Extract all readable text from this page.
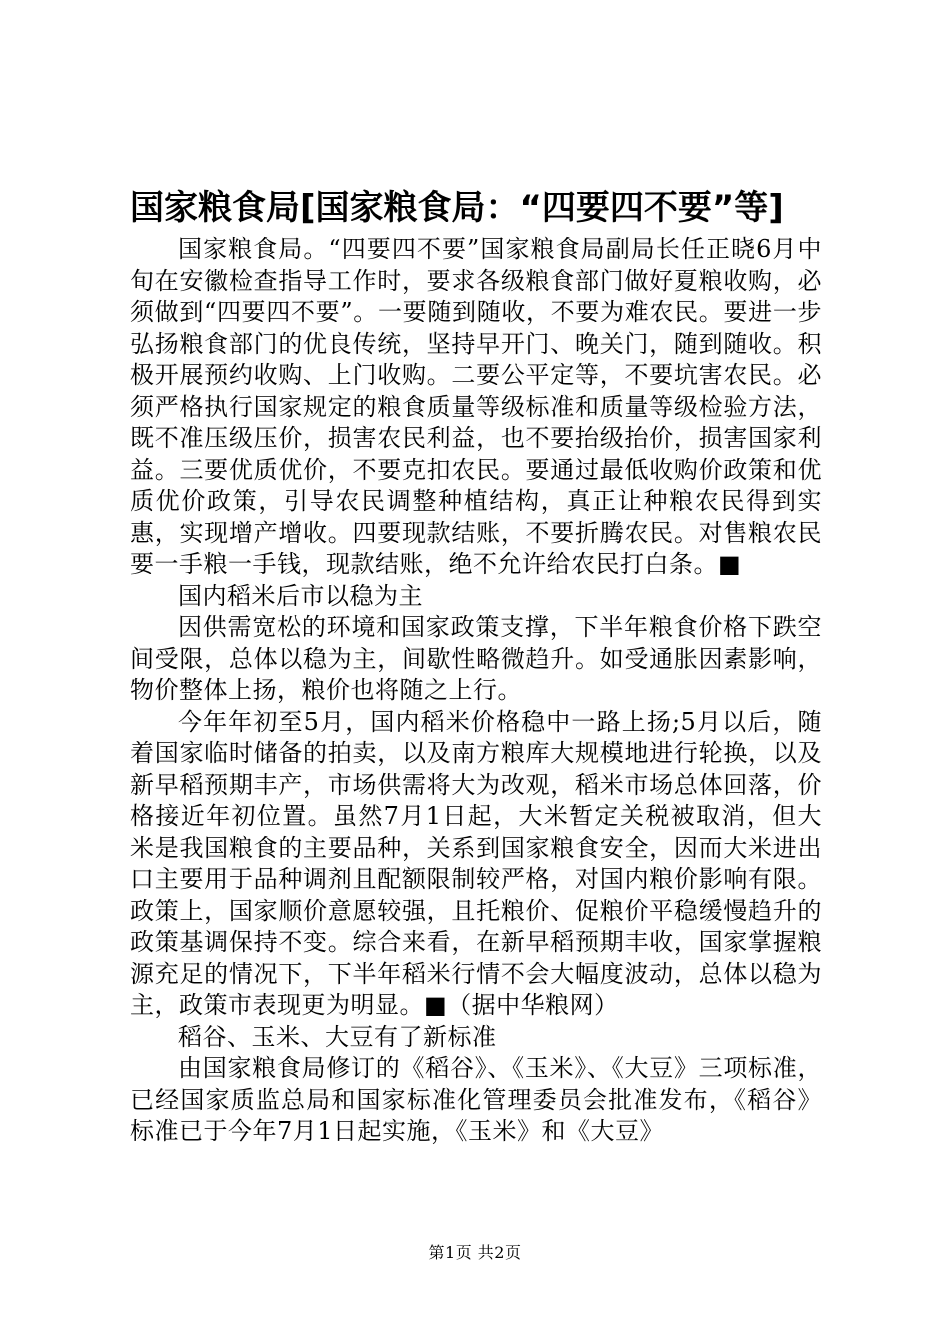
国家粮食局[国家粮食局：“四要四不要”等]

国家粮食局。“四要四不要”国家粮食局副局长任正晓6月中旬在安徽检查指导工作时，要求各级粮食部门做好夏粮收购，必须做到“四要四不要”。一要随到随收，不要为难农民。要进一步弘扬粮食部门的优良传统，坚持早开门、晚关门，随到随收。积极开展预约收购、上门收购。二要公平定等，不要坑害农民。必须严格执行国家规定的粮食质量等级标准和质量等级检验方法，既不准压级压价，损害农民利益，也不要抬级抬价，损害国家利益。三要优质优价，不要克扣农民。要通过最低收购价政策和优质优价政策，引导农民调整种植结构，真正让种粮农民得到实惠，实现增产增收。四要现款结账，不要折腾农民。对售粮农民要一手粮一手钱，现款结账，绝不允许给农民打白条。■

国内稻米后市以稳为主

因供需宽松的环境和国家政策支撑，下半年粮食价格下跌空间受限，总体以稳为主，间歇性略微趋升。如受通胀因素影响，物价整体上扬，粮价也将随之上行。

今年年初至5月，国内稻米价格稳中一路上扬;5月以后，随着国家临时储备的拍卖，以及南方粮库大规模地进行轮换，以及新早稻预期丰产，市场供需将大为改观，稻米市场总体回落，价格接近年初位置。虽然7月1日起，大米暂定关税被取消，但大米是我国粮食的主要品种，关系到国家粮食安全，因而大米进出口主要用于品种调剂且配额限制较严格，对国内粮价影响有限。政策上，国家顺价意愿较强，且托粮价、促粮价平稳缓慢趋升的政策基调保持不变。综合来看，在新早稻预期丰收，国家掌握粮源充足的情况下，下半年稻米行情不会大幅度波动，总体以稳为主，政策市表现更为明显。■（据中华粮网）

稻谷、玉米、大豆有了新标准

由国家粮食局修订的《稻谷》、《玉米》、《大豆》三项标准，已经国家质监总局和国家标准化管理委员会批准发布，《稻谷》标准已于今年7月1日起实施，《玉米》和《大豆》

第1页 共2页
